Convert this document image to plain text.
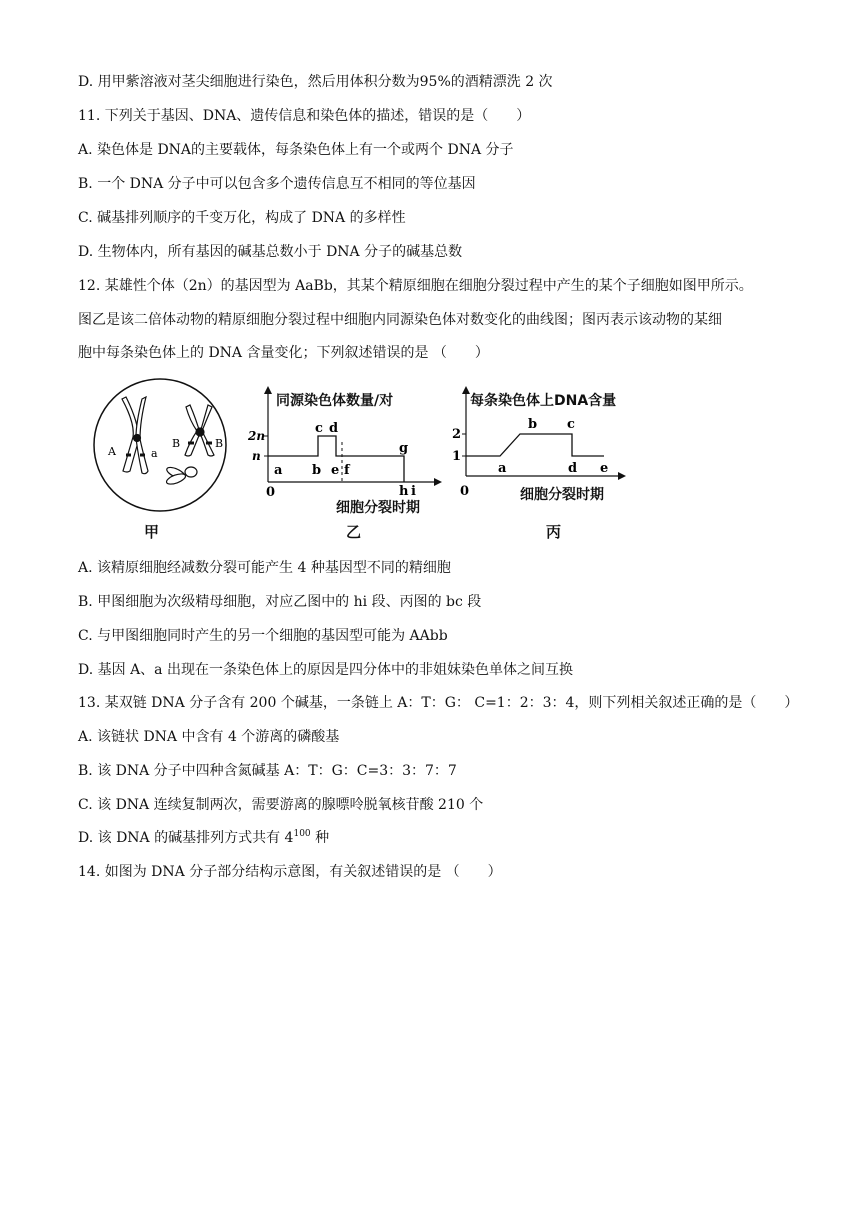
D. 用甲紫溶液对茎尖细胞进行染色，然后用体积分数为95%的酒精漂洗 2 次
11. 下列关于基因、DNA、遗传信息和染色体的描述，错误的是（　　）
A. 染色体是 DNA的主要载体，每条染色体上有一个或两个 DNA 分子
B. 一个 DNA 分子中可以包含多个遗传信息互不相同的等位基因
C. 碱基排列顺序的千变万化，构成了 DNA 的多样性
D. 生物体内，所有基因的碱基总数小于 DNA 分子的碱基总数
12. 某雄性个体（2n）的基因型为 AaBb，其某个精原细胞在细胞分裂过程中产生的某个子细胞如图甲所示。
图乙是该二倍体动物的精原细胞分裂过程中细胞内同源染色体对数变化的曲线图；图丙表示该动物的某细
胞中每条染色体上的 DNA 含量变化；下列叙述错误的是 （　　）
A	a
B	B
甲
2n
n
a b
c d
e f
g
h i
0
同源染色体数量/对
细胞分裂时期
乙
2
1
a
b c
d e
0
每条染色体上DNA含量
细胞分裂时期
丙
A. 该精原细胞经减数分裂可能产生 4 种基因型不同的精细胞
B. 甲图细胞为次级精母细胞，对应乙图中的 hi 段、丙图的 bc 段
C. 与甲图细胞同时产生的另一个细胞的基因型可能为 AAbb
D. 基因 A、a 出现在一条染色体上的原因是四分体中的非姐妹染色单体之间互换
13. 某双链 DNA 分子含有 200 个碱基，一条链上 A：T：G： C=1：2：3：4，则下列相关叙述正确的是（　　）
A. 该链状 DNA 中含有 4 个游离的磷酸基
B. 该 DNA 分子中四种含氮碱基 A：T：G：C=3：3：7：7
C. 该 DNA 连续复制两次，需要游离的腺嘌呤脱氧核苷酸 210 个
D. 该 DNA 的碱基排列方式共有 $4^{100}$ 种
14. 如图为 DNA 分子部分结构示意图，有关叙述错误的是 （　　）
